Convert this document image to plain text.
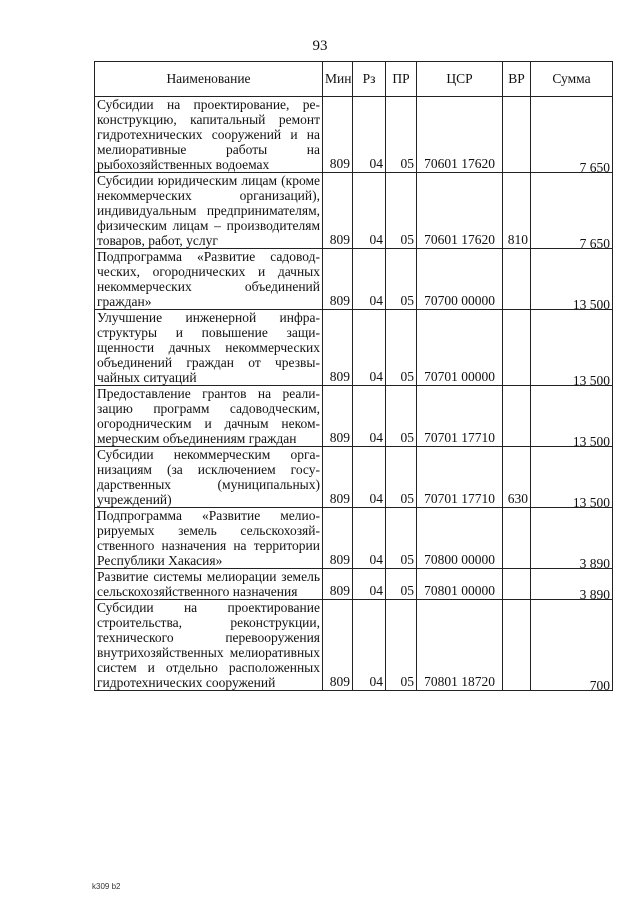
93
Наименование	Мин	Рз	ПР	ЦСР	ВР	Сумма
Субсидии на проектирование, реконструкцию, капитальный ремонт гидротехнических сооружений и на мелиоративные работы на рыбохозяйственных водоемах	809	04	05	70601 17620		7 650
Субсидии юридическим лицам (кроме некоммерческих организаций), индивидуальным предпринимателям, физическим лицам – производителям товаров, работ, услуг	809	04	05	70601 17620	810	7 650
Подпрограмма «Развитие садоводческих, огороднических и дачных некоммерческих объединений граждан»	809	04	05	70700 00000		13 500
Улучшение инженерной инфраструктуры и повышение защищенности дачных некоммерческих объединений граждан от чрезвычайных ситуаций	809	04	05	70701 00000		13 500
Предоставление грантов на реализацию программ садоводческим, огородническим и дачным некоммерческим объединениям граждан	809	04	05	70701 17710		13 500
Субсидии некоммерческим организациям (за исключением государственных (муниципальных) учреждений)	809	04	05	70701 17710	630	13 500
Подпрограмма «Развитие мелиорируемых земель сельскохозяйственного назначения на территории Республики Хакасия»	809	04	05	70800 00000		3 890
Развитие системы мелиорации земель сельскохозяйственного назначения	809	04	05	70801 00000		3 890
Субсидии на проектирование строительства, реконструкции, технического перевооружения внутрихозяйственных мелиоративных систем и отдельно расположенных гидротехнических сооружений	809	04	05	70801 18720		700
k309 b2
